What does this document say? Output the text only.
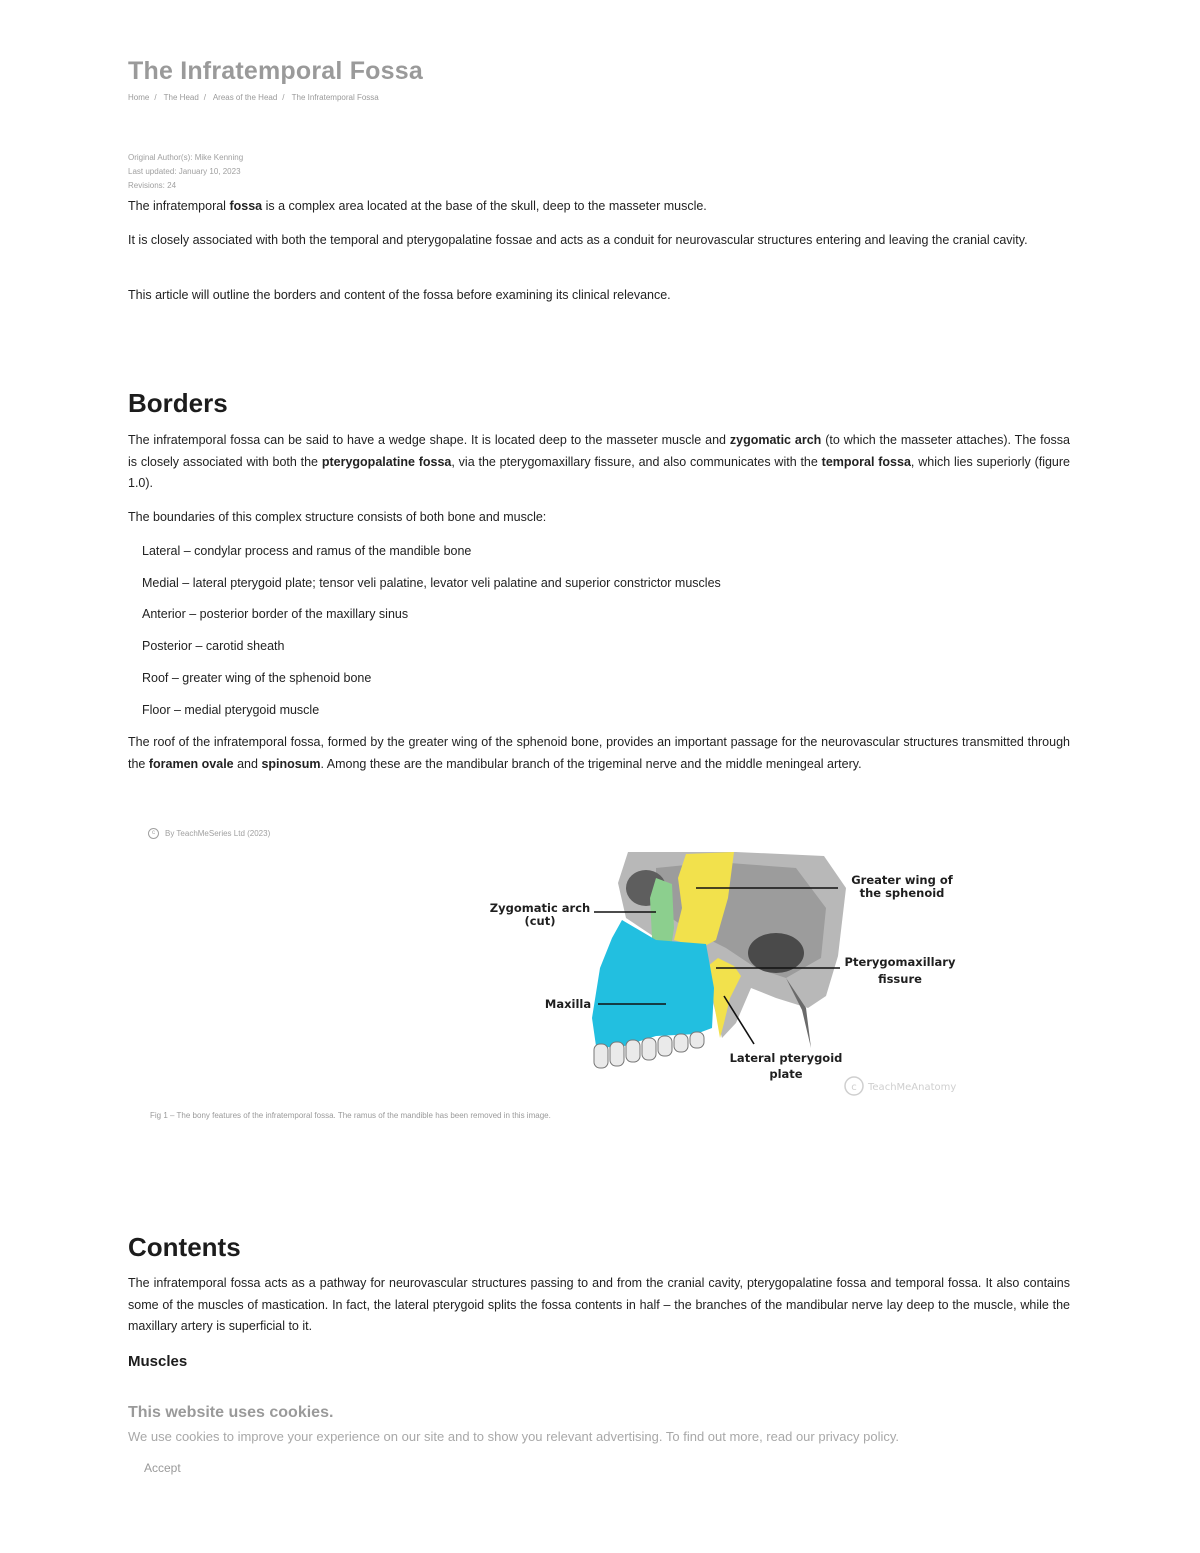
The Infratemporal Fossa
Home / The Head / Areas of the Head / The Infratemporal Fossa
Original Author(s): Mike Kenning
Last updated: January 10, 2023
Revisions: 24

The infratemporal fossa is a complex area located at the base of the skull, deep to the masseter muscle.

It is closely associated with both the temporal and pterygopalatine fossae and acts as a conduit for neurovascular structures entering and leaving the cranial cavity.

This article will outline the borders and content of the fossa before examining its clinical relevance.

Borders

The infratemporal fossa can be said to have a wedge shape. It is located deep to the masseter muscle and zygomatic arch (to which the masseter attaches). The fossa is closely associated with both the pterygopalatine fossa, via the pterygomaxillary fissure, and also communicates with the temporal fossa, which lies superiorly (figure 1.0).

The boundaries of this complex structure consists of both bone and muscle:

Lateral – condylar process and ramus of the mandible bone
Medial – lateral pterygoid plate; tensor veli palatine, levator veli palatine and superior constrictor muscles
Anterior – posterior border of the maxillary sinus
Posterior – carotid sheath
Roof – greater wing of the sphenoid bone
Floor – medial pterygoid muscle

The roof of the infratemporal fossa, formed by the greater wing of the sphenoid bone, provides an important passage for the neurovascular structures transmitted through the foramen ovale and spinosum. Among these are the mandibular branch of the trigeminal nerve and the middle meningeal artery.

c	By TeachMeSeries Ltd (2023)
Greater wing of
the sphenoid
Zygomatic arch
(cut)
Pterygomaxillary
fissure
Maxilla
Lateral pterygoid
plate
c TeachMeAnatomy
Fig 1 – The bony features of the infratemporal fossa. The ramus of the mandible has been removed in this image.
Contents

The infratemporal fossa acts as a pathway for neurovascular structures passing to and from the cranial cavity, pterygopalatine fossa and temporal fossa. It also contains some of the muscles of mastication. In fact, the lateral pterygoid splits the fossa contents in half – the branches of the mandibular nerve lay deep to the muscle, while the maxillary artery is superficial to it.

Muscles
This website uses cookies.
We use cookies to improve your experience on our site and to show you relevant advertising. To find out more, read our privacy policy.
Accept
